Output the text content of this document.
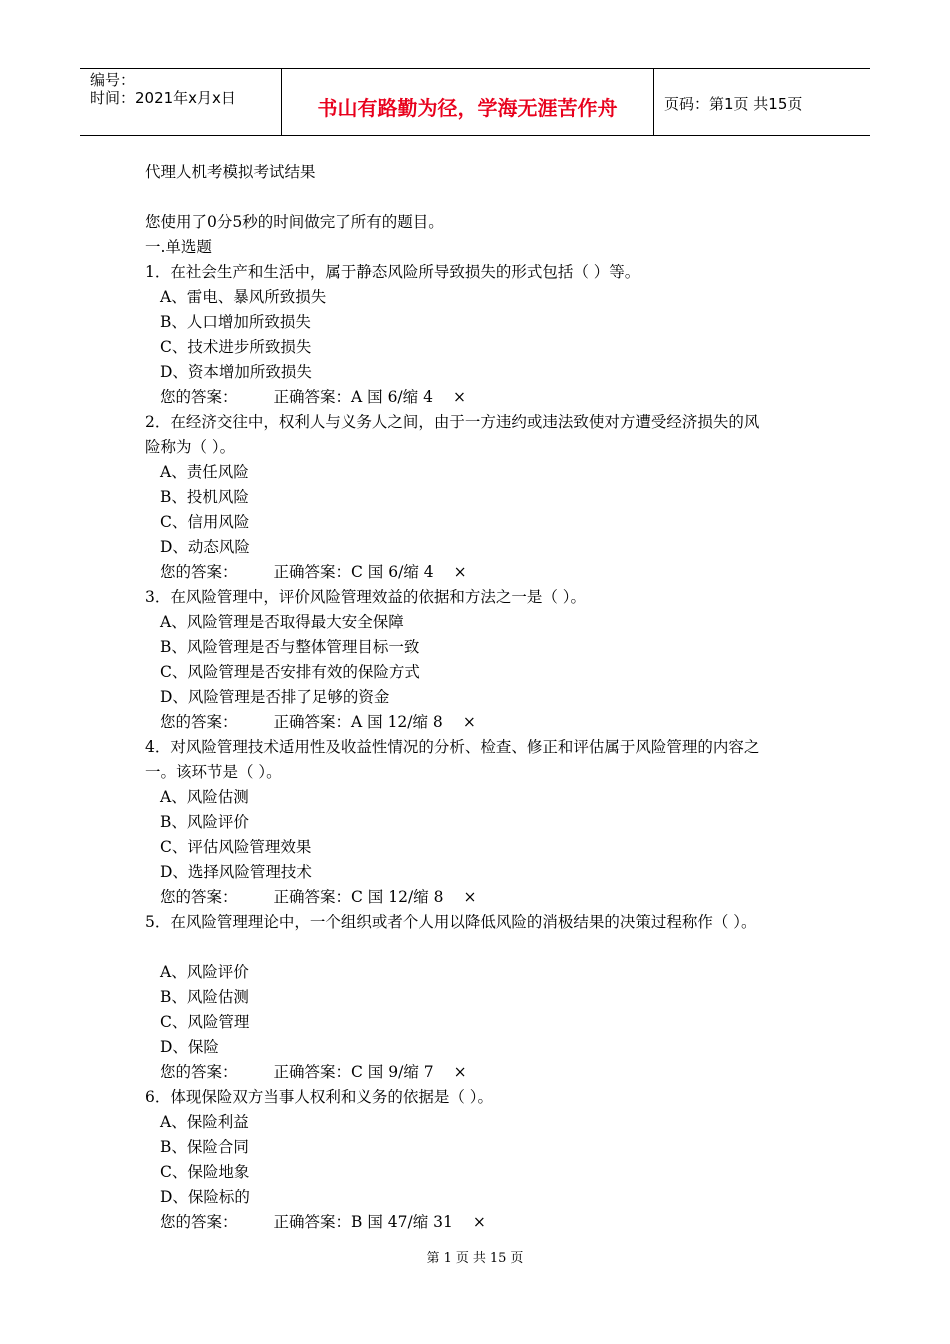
编号：
时间：2021年x月x日	书山有路勤为径，学海无涯苦作舟	页码：第1页 共15页
代理人机考模拟考试结果
您使用了0分5秒的时间做完了所有的题目。
一.单选题
1．在社会生产和生活中，属于静态风险所导致损失的形式包括（ ）等。
A、雷电、暴风所致损失
B、人口增加所致损失
C、技术进步所致损失
D、资本增加所致损失
您的答案： 正确答案：A 国 6/缩 4 ×
2．在经济交往中，权利人与义务人之间，由于一方违约或违法致使对方遭受经济损失的风
险称为（ ）。
A、责任风险
B、投机风险
C、信用风险
D、动态风险
您的答案： 正确答案：C 国 6/缩 4 ×
3．在风险管理中，评价风险管理效益的依据和方法之一是（ ）。
A、风险管理是否取得最大安全保障
B、风险管理是否与整体管理目标一致
C、风险管理是否安排有效的保险方式
D、风险管理是否排了足够的资金
您的答案： 正确答案：A 国 12/缩 8 ×
4．对风险管理技术适用性及收益性情况的分析、检查、修正和评估属于风险管理的内容之
一。该环节是（ ）。
A、风险估测
B、风险评价
C、评估风险管理效果
D、选择风险管理技术
您的答案： 正确答案：C 国 12/缩 8 ×
5．在风险管理理论中，一个组织或者个人用以降低风险的消极结果的决策过程称作（ ）。
A、风险评价
B、风险估测
C、风险管理
D、保险
您的答案： 正确答案：C 国 9/缩 7 ×
6．体现保险双方当事人权利和义务的依据是（ ）。
A、保险利益
B、保险合同
C、保险地象
D、保险标的
您的答案： 正确答案：B 国 47/缩 31 ×
第 1 页 共 15 页
